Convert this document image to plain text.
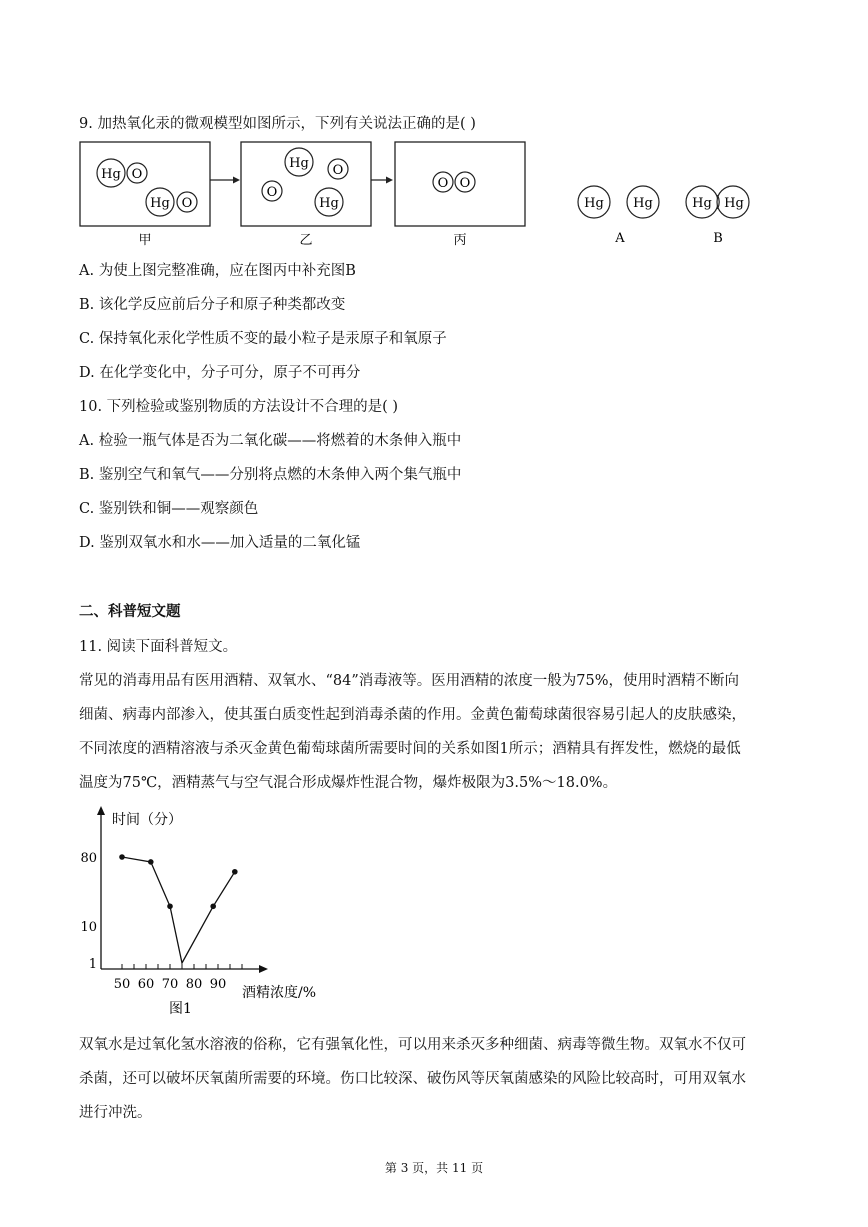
9. 加热氧化汞的微观模型如图所示，下列有关说法正确的是( )
Hg O
Hg O
Hg O
O
Hg
O O
甲	乙	丙
Hg Hg
A
Hg Hg
B
A. 为使上图完整准确，应在图丙中补充图B
B. 该化学反应前后分子和原子种类都改变
C. 保持氧化汞化学性质不变的最小粒子是汞原子和氧原子
D. 在化学变化中，分子可分，原子不可再分
10. 下列检验或鉴别物质的方法设计不合理的是( )
A. 检验一瓶气体是否为二氧化碳——将燃着的木条伸入瓶中
B. 鉴别空气和氧气——分别将点燃的木条伸入两个集气瓶中
C. 鉴别铁和铜——观察颜色
D. 鉴别双氧水和水——加入适量的二氧化锰
二、科普短文题
11. 阅读下面科普短文。
常见的消毒用品有医用酒精、双氧水、“84”消毒液等。医用酒精的浓度一般为75%，使用时酒精不断向
细菌、病毒内部渗入，使其蛋白质变性起到消毒杀菌的作用。金黄色葡萄球菌很容易引起人的皮肤感染，
不同浓度的酒精溶液与杀灭金黄色葡萄球菌所需要时间的关系如图1所示；酒精具有挥发性，燃烧的最低
温度为75℃，酒精蒸气与空气混合形成爆炸性混合物，爆炸极限为3.5%～18.0%。
时间（分）
酒精浓度/%
图1
50 60 70 80 90
1
10
80
双氧水是过氧化氢水溶液的俗称，它有强氧化性，可以用来杀灭多种细菌、病毒等微生物。双氧水不仅可
杀菌，还可以破坏厌氧菌所需要的环境。伤口比较深、破伤风等厌氧菌感染的风险比较高时，可用双氧水
进行冲洗。
第 3 页，共 11 页
